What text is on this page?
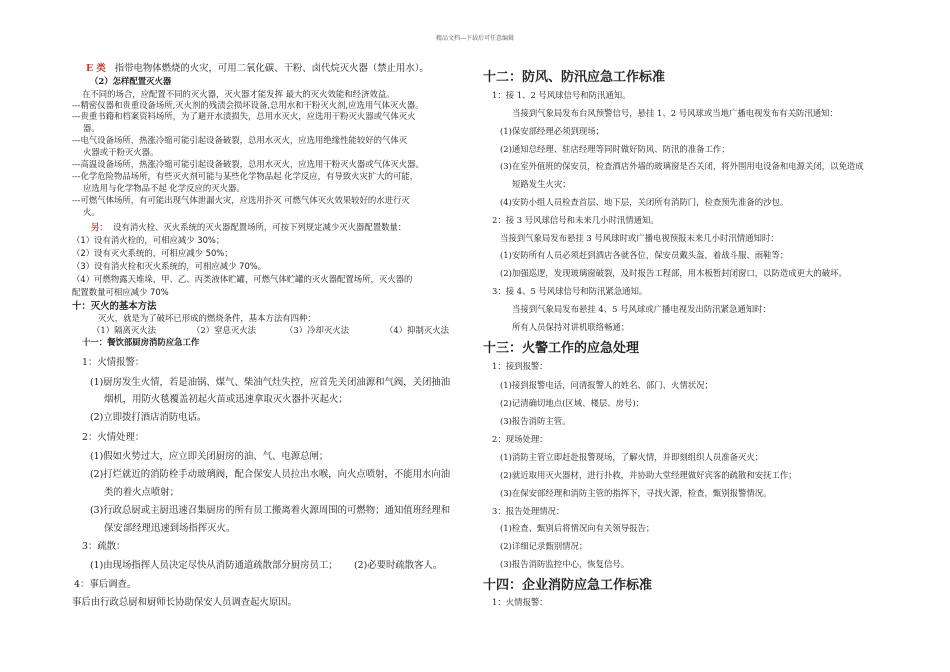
精品文档---下载后可任意编辑
E 类 指带电物体燃烧的火灾，可用二氧化碳、干粉、卤代烷灭火器（禁止用水）。
（2）怎样配置灭火器
在不同的场合，应配置不同的灭火器，灭火器才能发挥 最大的灭火效能和经济效益。
---精密仪器和贵重设备场所,灭火剂的残渍会损坏设备,总用水和干粉灭火剂,应选用气体灭火器。
---贵重书籍和档案资料场所，为了避开水渍损失，总用水灭火，应选用干粉灭火器或气体灭火
器。
---电气设备场所，热涨冷缩可能引起设备破裂，总用水灭火，应选用绝缘性能较好的气体灭
火器或干粉灭火器。
---高温设备场所，热涨冷缩可能引起设备破裂，总用水灭火，应选用干粉灭火器或气体灭火器。
---化学危险物品场所，有些灭火剂可能与某些化学物品起 化学反应，有导致火灾扩大的可能，
应选用与化学物品不起 化学反应的灭火器。
---可燃气体场所，有可能出现气体泄漏火灾，应选用扑灭 可燃气体灭火效果较好的水进行灭
火。
另： 设有消火栓、灭火系统的灭火器配置场所，可按下列规定减少灭火器配置数量：
（1）设有消火栓的，可相应减少 30%；
（2）设有灭火系统的，可相应减少 50%；
（3）设有消火栓和灭火系统的，可相应减少 70%。
（4）可燃物露天堆垛，甲、乙、丙类液体贮罐，可燃气体贮罐的灭火器配置场所，灭火器的
配置数量可相应减少 70%
十：灭火的基本方法
灭火，就是为了破坏已形成的燃烧条件，基本方法有四种：
（1）隔离灭火法	（2）窒息灭火法	（3）冷却灭火法	（4）抑制灭火法
十一：餐饮部厨房消防应急工作
1：火情报警：
(1)厨房发生火情，若是油锅、煤气、柴油气灶失控，应首先关闭油源和气阀，关闭抽油
烟机，用防火毯覆盖初起火苗或迅速拿取灭火器扑灭起火；
(2)立即拨打酒店消防电话。
2：火情处理：
(1)假如火势过大，应立即关闭厨房的油、气、电源总闸；
(2)打烂就近的消防栓手动玻璃阀，配合保安人员拉出水喉，向火点喷射，不能用水向油
类的着火点喷射；
(3)行政总厨或主厨迅速召集厨房的所有员工搬离着火源周围的可燃物；通知值班经理和
保安部经理迅速到场指挥灭火。
3：疏散：
(1)由现场指挥人员决定尽快从消防通道疏散部分厨房员工； (2)必要时疏散客人。
4：事后调查。
事后由行政总厨和厨师长协助保安人员调查起火原因。
十二：防风、防汛应急工作标准
1：接 1、2 号风球信号和防汛通知。
当接到气象局发布台风预警信号，悬挂 1、2 号风球或当地广播电视发布有关防汛通知：
(1)保安部经理必须到现场；
(2)通知总经理、驻店经理等同时做好防风、防汛的准备工作；
(3)在室外值班的保安员，检查酒店外墙的玻璃窗是否关闭，将外围用电设备和电源关闭，以免造成
短路发生火灾；
(4)安防小组人员检查首层、地下层，关闭所有消防门，检查预先准备的沙包。
2：接 3 号风球信号和未来几小时汛情通知。
当接到气象局发布悬挂 3 号风球时或广播电视预报未来几小时汛情通知时：
(1)安防所有人员必须赶到酒店各就各位，保安员戴头盔，着战斗服、雨鞋等；
(2)加强巡逻，发现玻璃窗破裂，及时报告工程部，用木板暂封闭窗口，以防造成更大的破坏。
3：接 4、5 号风球信号和防汛紧急通知。
当接到气象局发布悬挂 4、5 号风球或广播电视发出防汛紧急通知时：
所有人员保持对讲机联络畅通；
十三：火警工作的应急处理
1：接到报警：
(1)接到报警电话，问清报警人的姓名、部门、火情状况；
(2)记清确切地点(区域、楼层、房号)；
(3)报告消防主管。
2：现场处理：
(1)消防主管立即赶赴报警现场，了解火情，并即刻组织人员准备灭火；
(2)就近取用灭火器材，进行扑救，并协助大堂经理做好宾客的疏散和安抚工作；
(3)在保安部经理和消防主管的指挥下，寻找火源，检查，甄别报警情况。
3：报告处理情况：
(1)检查、甄别后将情况向有关领导报告；
(2)详细记录甄别情况；
(3)报告消防监控中心，恢复信号。
十四：企业消防应急工作标准
1：火情报警：
